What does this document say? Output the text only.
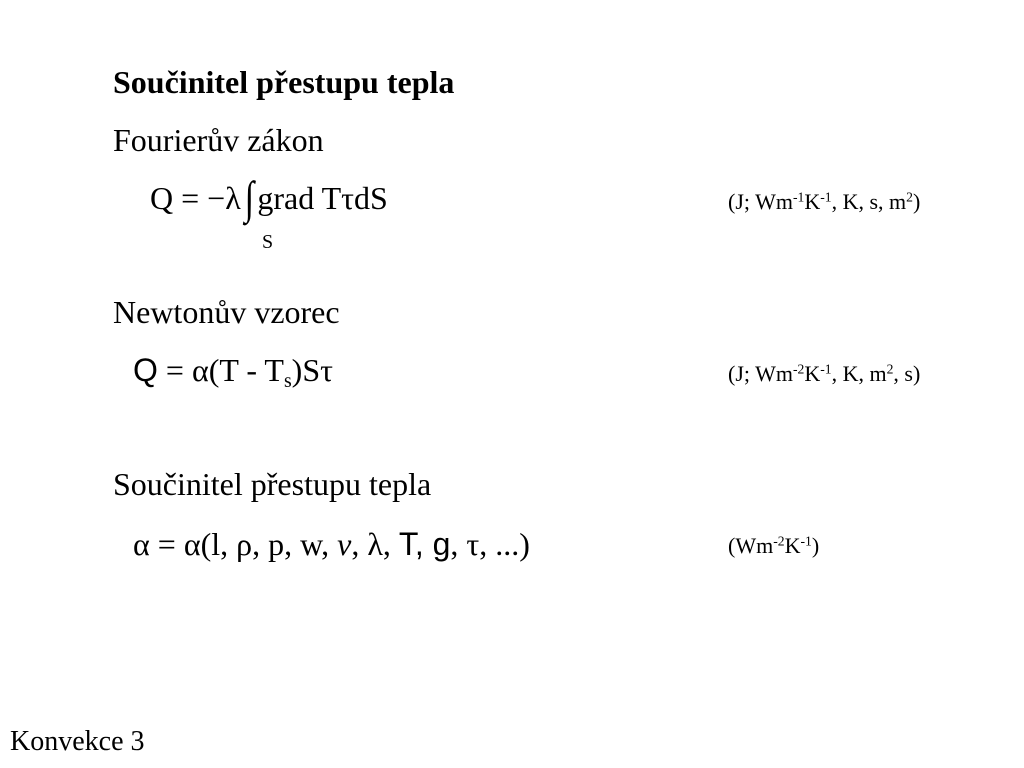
Součinitel přestupu tepla
Fourierův zákon
Q = −λ∫ grad TτdS
S
(J; $Wm^{-1}K^{-1}$, K, s, $m^2$)
Newtonův vzorec
$Q = \alpha(T - T_s)S\tau$	(J; $Wm^{-2}K^{-1}$, K, $m^2$, s)
Součinitel přestupu tepla
α = α(l, ρ, p, w, v, λ, T, g, τ, ...)	$(Wm^{-2}K^{-1})$
Konvekce 3
